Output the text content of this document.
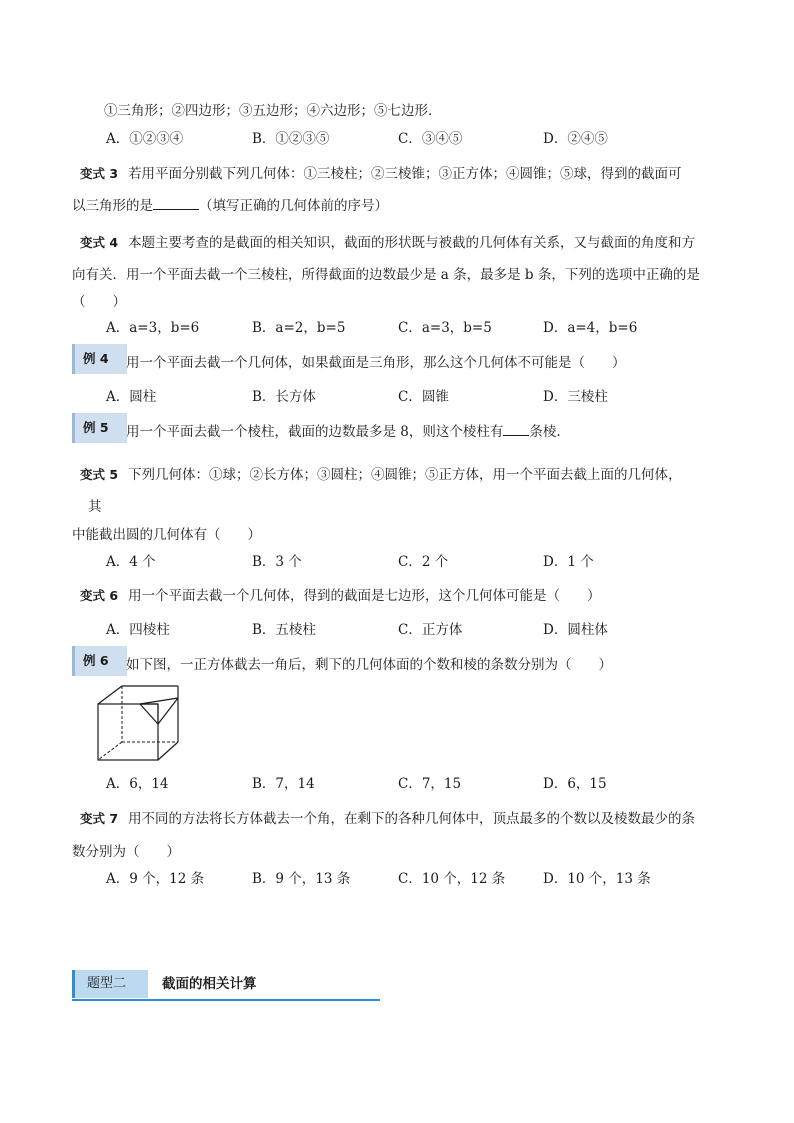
①三角形；②四边形；③五边形；④六边形；⑤七边形．
A．①②③④	B．①②③⑤	C．③④⑤	D．②④⑤
变式 3 若用平面分别截下列几何体：①三棱柱；②三棱锥；③正方体；④圆锥；⑤球，得到的截面可
以三角形的是	（填写正确的几何体前的序号）
变式 4 本题主要考查的是截面的相关知识，截面的形状既与被截的几何体有关系，又与截面的角度和方
向有关．用一个平面去截一个三棱柱，所得截面的边数最少是 a 条，最多是 b 条，下列的选项中正确的是
（　　）
A．a=3，b=6	B．a=2，b=5	C．a=3，b=5	D．a=4，b=6
例 4	用一个平面去截一个几何体，如果截面是三角形，那么这个几何体不可能是（　　）
A．圆柱	B．长方体	C．圆锥	D．三棱柱
例 5	用一个平面去截一个棱柱，截面的边数最多是 8，则这个棱柱有 条棱.
变式 5 下列几何体：①球；②长方体；③圆柱；④圆锥；⑤正方体，用一个平面去截上面的几何体，
其
中能截出圆的几何体有（　　）
A．4 个	B．3 个	C．2 个	D．1 个
变式 6 用一个平面去截一个几何体，得到的截面是七边形，这个几何体可能是（　　）
A．四棱柱	B．五棱柱	C．正方体	D．圆柱体
例 6	如下图，一正方体截去一角后，剩下的几何体面的个数和棱的条数分别为（　　）
A．6，14	B．7，14	C．7，15	D．6，15
变式 7 用不同的方法将长方体截去一个角，在剩下的各种几何体中，顶点最多的个数以及棱数最少的条
数分别为（　　）
A．9 个，12 条	B．9 个，13 条	C．10 个，12 条	D．10 个，13 条
题型二	截面的相关计算
